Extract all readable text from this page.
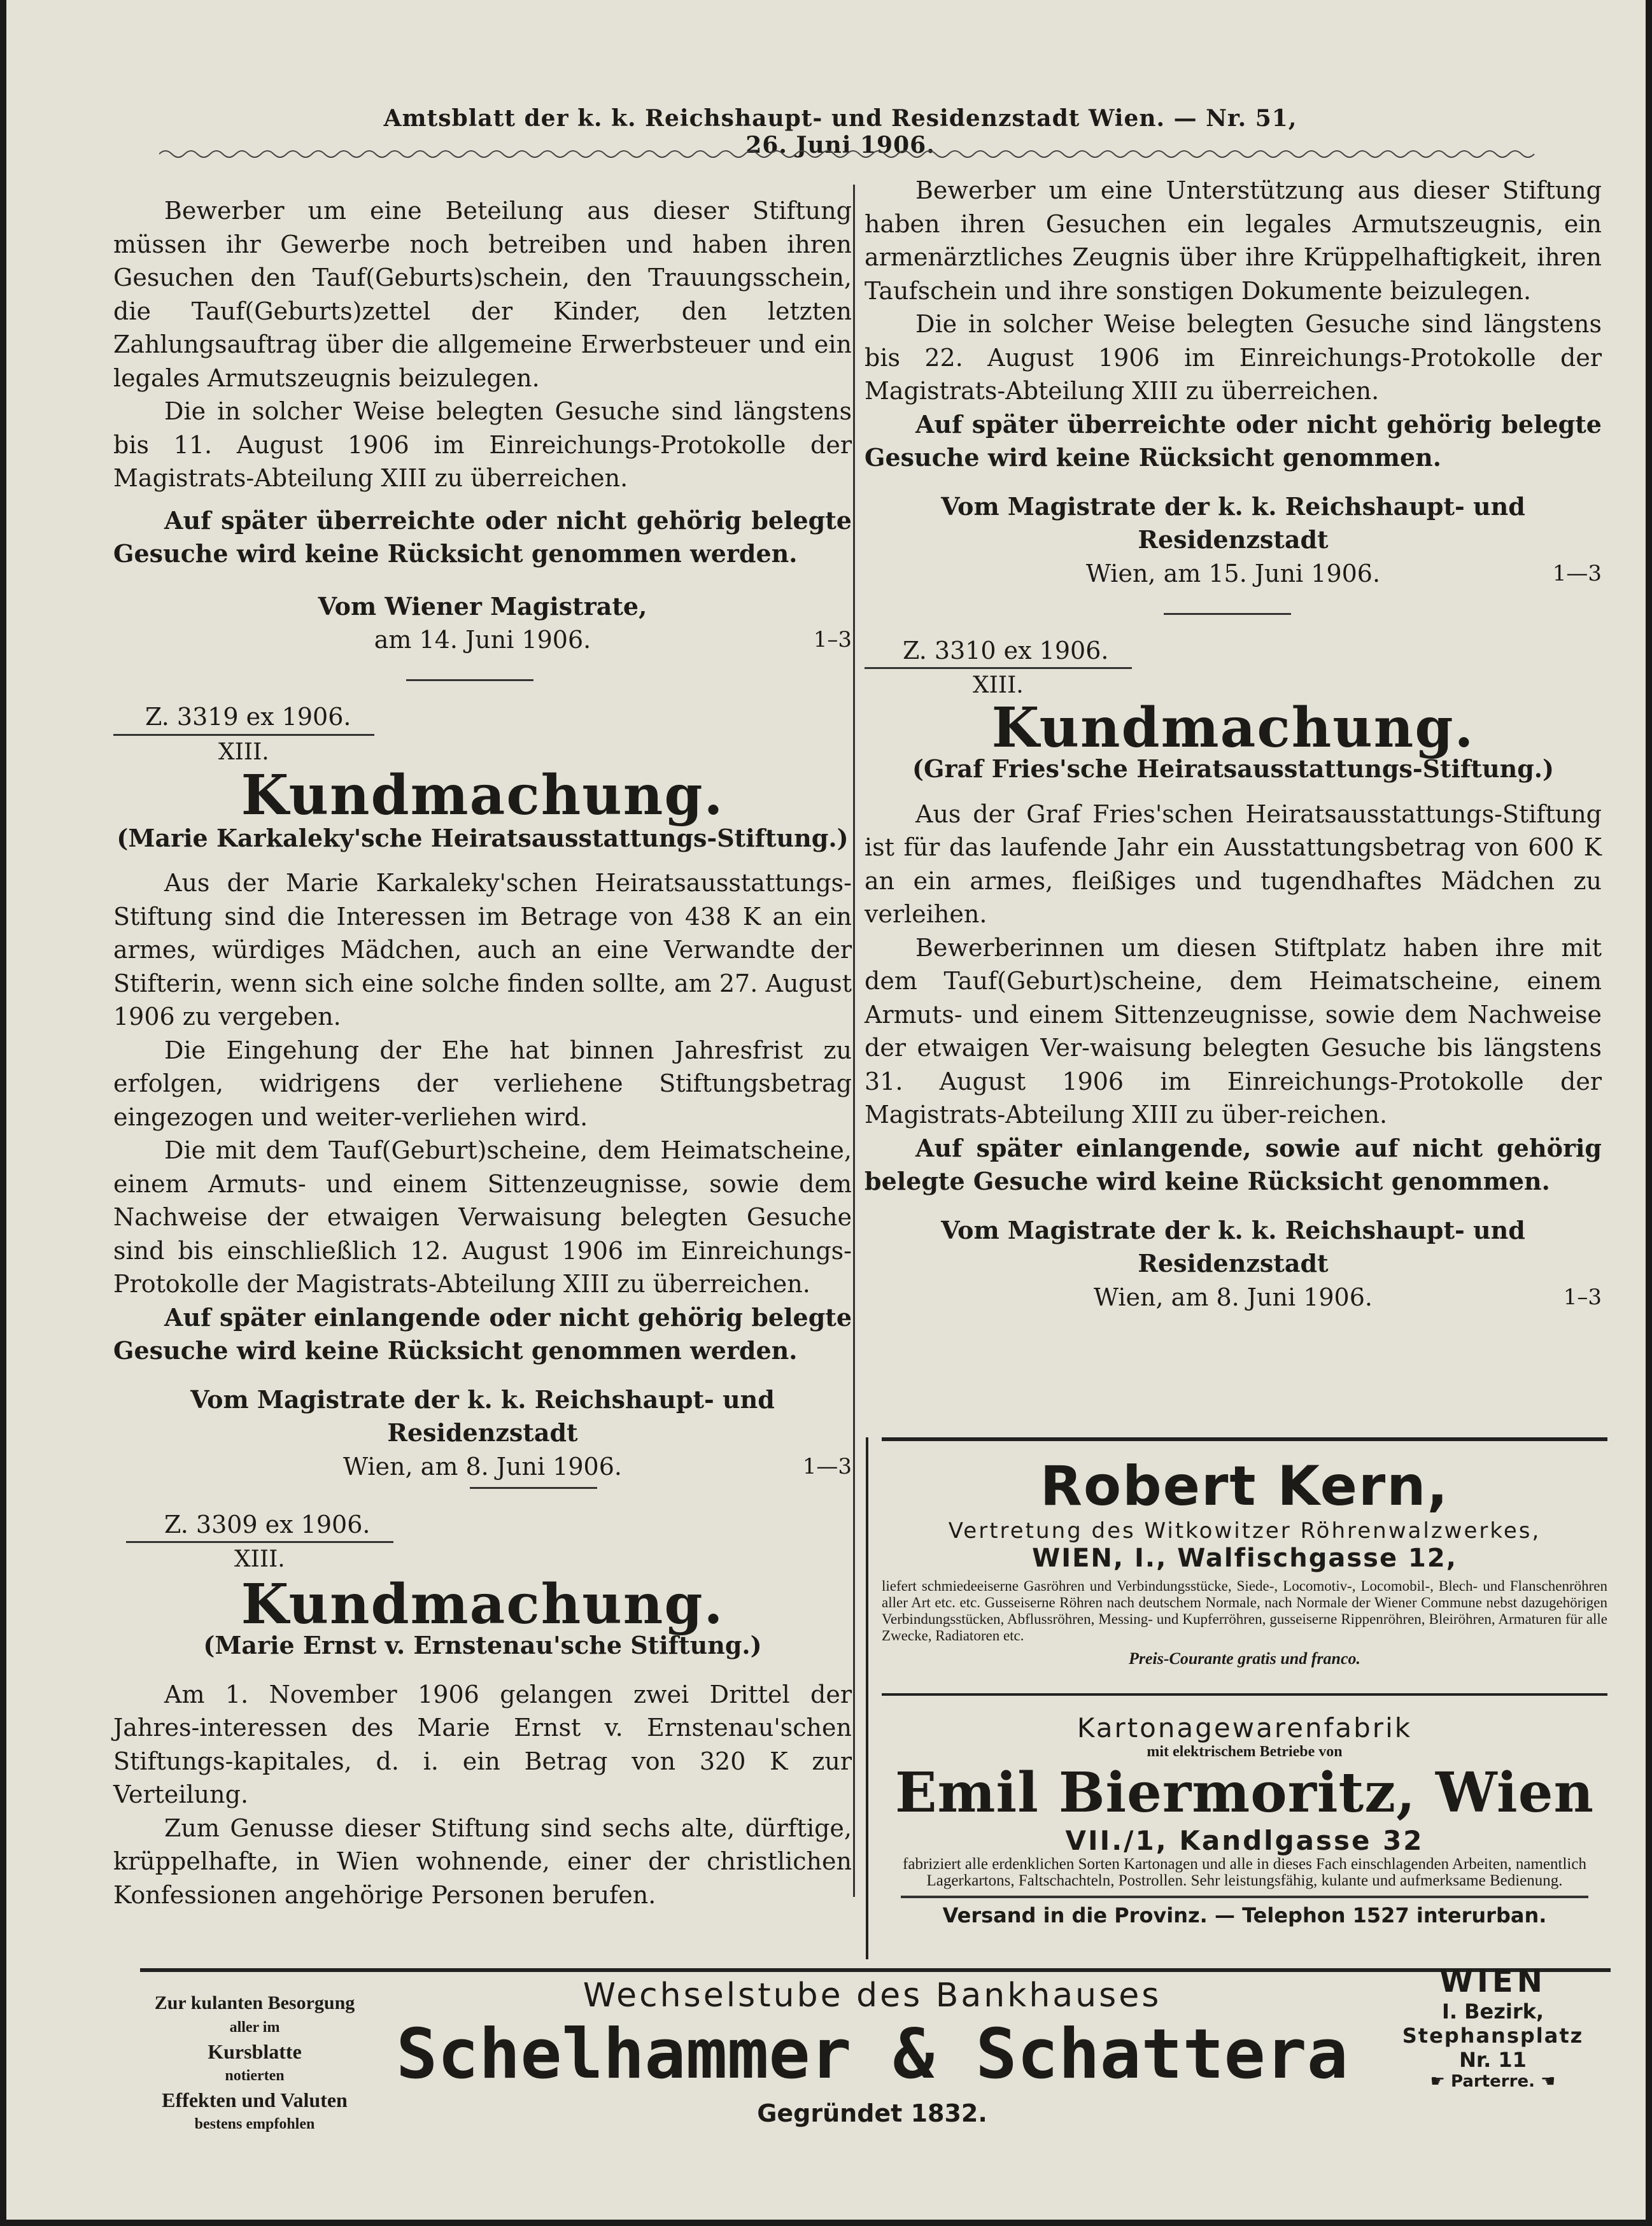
Amtsblatt der k. k. Reichshaupt- und Residenzstadt Wien. — Nr. 51, 26. Juni 1906.

Bewerber um eine Beteilung aus dieser Stiftung müssen ihr Gewerbe noch betreiben und haben ihren Gesuchen den Tauf(Geburts)schein, den Trauungsschein, die Tauf(Geburts)zettel der Kinder, den letzten Zahlungsauftrag über die allgemeine Erwerbsteuer und ein legales Armutszeugnis beizulegen.

Die in solcher Weise belegten Gesuche sind längstens bis 11. August 1906 im Einreichungs-Protokolle der Magistrats-Abteilung XIII zu überreichen.

Auf später überreichte oder nicht gehörig belegte Gesuche wird keine Rücksicht genommen werden.

Vom Wiener Magistrate,
am 14. Juni 1906.	1–3
Z. 3319 ex 1906.
XIII.
Kundmachung.
(Marie Karkaleky'sche Heiratsausstattungs-Stiftung.)

Aus der Marie Karkaleky'schen Heiratsausstattungs-Stiftung sind die Interessen im Betrage von 438 K an ein armes, würdiges Mädchen, auch an eine Verwandte der Stifterin, wenn sich eine solche finden sollte, am 27. August 1906 zu vergeben.

Die Eingehung der Ehe hat binnen Jahresfrist zu erfolgen, widrigens der verliehene Stiftungsbetrag eingezogen und weiter-verliehen wird.

Die mit dem Tauf(Geburt)scheine, dem Heimatscheine, einem Armuts- und einem Sittenzeugnisse, sowie dem Nachweise der etwaigen Verwaisung belegten Gesuche sind bis einschließlich 12. August 1906 im Einreichungs-Protokolle der Magistrats-Abteilung XIII zu überreichen.

Auf später einlangende oder nicht gehörig belegte Gesuche wird keine Rücksicht genommen werden.

Vom Magistrate der k. k. Reichshaupt- und Residenzstadt
Wien, am 8. Juni 1906.	1—3
Z. 3309 ex 1906.
XIII.
Kundmachung.
(Marie Ernst v. Ernstenau'sche Stiftung.)

Am 1. November 1906 gelangen zwei Drittel der Jahres-interessen des Marie Ernst v. Ernstenau'schen Stiftungs-kapitales, d. i. ein Betrag von 320 K zur Verteilung.

Zum Genusse dieser Stiftung sind sechs alte, dürftige, krüppelhafte, in Wien wohnende, einer der christlichen Konfessionen angehörige Personen berufen.

Bewerber um eine Unterstützung aus dieser Stiftung haben ihren Gesuchen ein legales Armutszeugnis, ein armenärztliches Zeugnis über ihre Krüppelhaftigkeit, ihren Taufschein und ihre sonstigen Dokumente beizulegen.

Die in solcher Weise belegten Gesuche sind längstens bis 22. August 1906 im Einreichungs-Protokolle der Magistrats-Abteilung XIII zu überreichen.

Auf später überreichte oder nicht gehörig belegte Gesuche wird keine Rücksicht genommen.

Vom Magistrate der k. k. Reichshaupt- und Residenzstadt
Wien, am 15. Juni 1906.	1—3
Z. 3310 ex 1906.
XIII.
Kundmachung.
(Graf Fries'sche Heiratsausstattungs-Stiftung.)

Aus der Graf Fries'schen Heiratsausstattungs-Stiftung ist für das laufende Jahr ein Ausstattungsbetrag von 600 K an ein armes, fleißiges und tugendhaftes Mädchen zu verleihen.

Bewerberinnen um diesen Stiftplatz haben ihre mit dem Tauf(Geburt)scheine, dem Heimatscheine, einem Armuts- und einem Sittenzeugnisse, sowie dem Nachweise der etwaigen Ver-waisung belegten Gesuche bis längstens 31. August 1906 im Einreichungs-Protokolle der Magistrats-Abteilung XIII zu über-reichen.

Auf später einlangende, sowie auf nicht gehörig belegte Gesuche wird keine Rücksicht genommen.

Vom Magistrate der k. k. Reichshaupt- und Residenzstadt
Wien, am 8. Juni 1906.	1–3
Robert Kern,
Vertretung des Witkowitzer Röhrenwalzwerkes,
WIEN, I., Walfischgasse 12,
liefert schmiedeeiserne Gasröhren und Verbindungsstücke, Siede-, Locomotiv-, Locomobil-, Blech- und Flanschenröhren aller Art etc. etc. Gusseiserne Röhren nach deutschem Normale, nach Normale der Wiener Commune nebst dazugehörigen Verbindungsstücken, Abflussröhren, Messing- und Kupferröhren, gusseiserne Rippenröhren, Bleiröhren, Armaturen für alle Zwecke, Radiatoren etc.
Preis-Courante gratis und franco.
Kartonagewarenfabrik
mit elektrischem Betriebe von
Emil Biermoritz, Wien
VII./1, Kandlgasse 32
fabriziert alle erdenklichen Sorten Kartonagen und alle in dieses Fach einschlagenden Arbeiten, namentlich Lagerkartons, Faltschachteln, Postrollen. Sehr leistungsfähig, kulante und aufmerksame Bedienung.
Versand in die Provinz. — Telephon 1527 interurban.
Zur kulanten Besorgung
aller im
Kursblatte
notierten
Effekten und Valuten
bestens empfohlen
Wechselstube des Bankhauses
Schelhammer & Schattera
Gegründet 1832.
WIEN
I. Bezirk,
Stephansplatz
Nr. 11
☛ Parterre. ☚
